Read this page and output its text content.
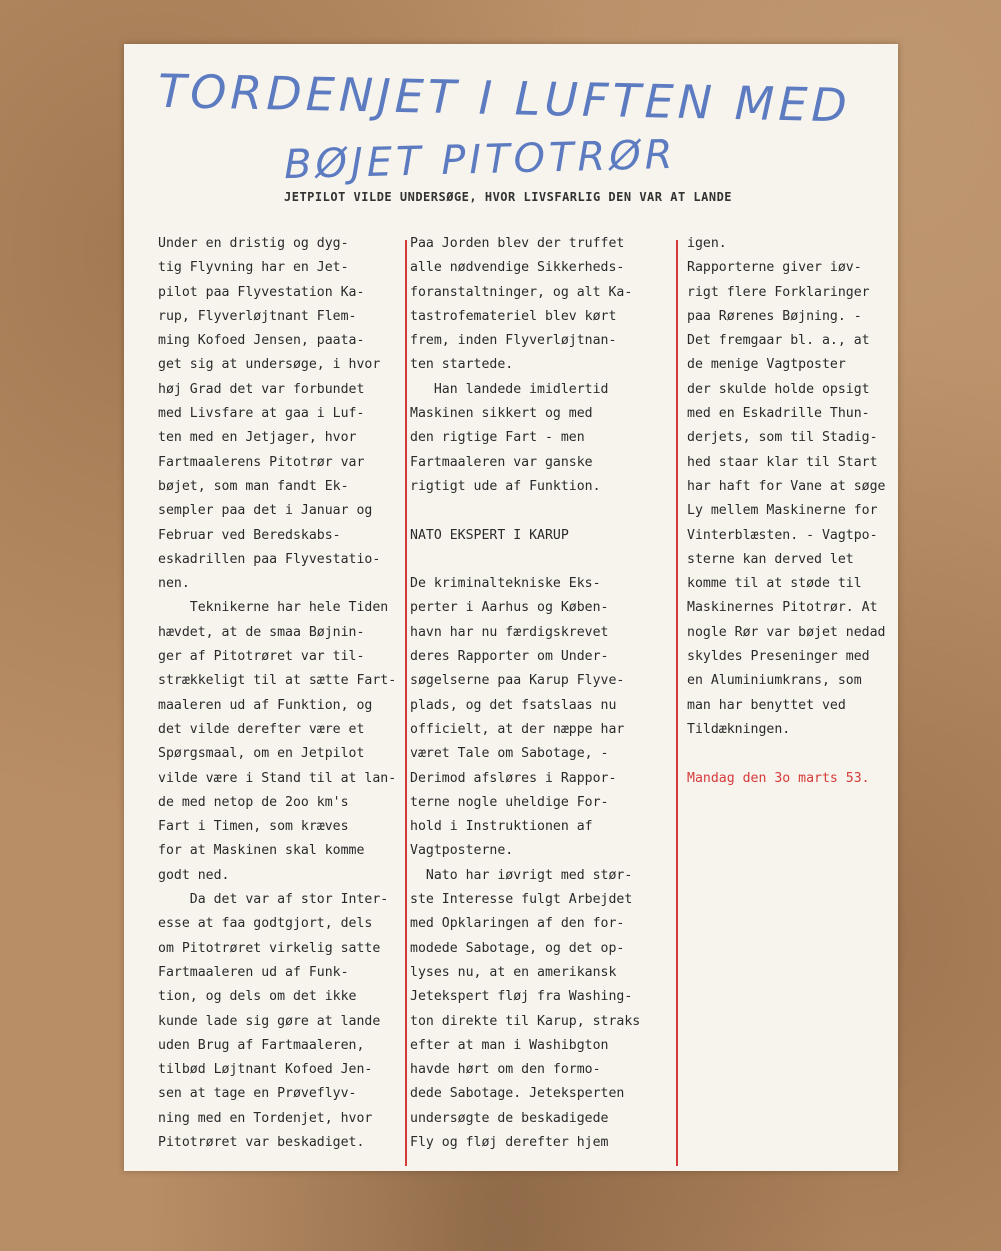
TORDENJET I LUFTEN MED
BØJET PITOTRØR
JETPILOT VILDE UNDERSØGE, HVOR LIVSFARLIG DEN VAR AT LANDE
Under en dristig og dyg-
tig Flyvning har en Jet-
pilot paa Flyvestation Ka-
rup, Flyverløjtnant Flem-
ming Kofoed Jensen, paata-
get sig at undersøge, i hvor
høj Grad det var forbundet
med Livsfare at gaa i Luf-
ten med en Jetjager, hvor
Fartmaalerens Pitotrør var
bøjet, som man fandt Ek-
sempler paa det i Januar og
Februar ved Beredskabs-
eskadrillen paa Flyvestatio-
nen.
Teknikerne har hele Tiden
hævdet, at de smaa Bøjnin-
ger af Pitotrøret var til-
strækkeligt til at sætte Fart-
maaleren ud af Funktion, og
det vilde derefter være et
Spørgsmaal, om en Jetpilot
vilde være i Stand til at lan-
de med netop de 2oo km's
Fart i Timen, som kræves
for at Maskinen skal komme
godt ned.
Da det var af stor Inter-
esse at faa godtgjort, dels
om Pitotrøret virkelig satte
Fartmaaleren ud af Funk-
tion, og dels om det ikke
kunde lade sig gøre at lande
uden Brug af Fartmaaleren,
tilbød Løjtnant Kofoed Jen-
sen at tage en Prøveflyv-
ning med en Tordenjet, hvor
Pitotrøret var beskadiget.
Paa Jorden blev der truffet
alle nødvendige Sikkerheds-
foranstaltninger, og alt Ka-
tastrofemateriel blev kørt
frem, inden Flyverløjtnan-
ten startede.
Han landede imidlertid
Maskinen sikkert og med
den rigtige Fart - men
Fartmaaleren var ganske
rigtigt ude af Funktion.
NATO EKSPERT I KARUP
De kriminaltekniske Eks-
perter i Aarhus og Køben-
havn har nu færdigskrevet
deres Rapporter om Under-
søgelserne paa Karup Flyve-
plads, og det fsatslaas nu
officielt, at der næppe har
været Tale om Sabotage, -
Derimod afsløres i Rappor-
terne nogle uheldige For-
hold i Instruktionen af
Vagtposterne.
Nato har iøvrigt med stør-
ste Interesse fulgt Arbejdet
med Opklaringen af den for-
modede Sabotage, og det op-
lyses nu, at en amerikansk
Jetekspert fløj fra Washing-
ton direkte til Karup, straks
efter at man i Washibgton
havde hørt om den formo-
dede Sabotage. Jeteksperten
undersøgte de beskadigede
Fly og fløj derefter hjem
igen.
Rapporterne giver iøv-
rigt flere Forklaringer
paa Rørenes Bøjning. -
Det fremgaar bl. a., at
de menige Vagtposter
der skulde holde opsigt
med en Eskadrille Thun-
derjets, som til Stadig-
hed staar klar til Start
har haft for Vane at søge
Ly mellem Maskinerne for
Vinterblæsten. - Vagtpo-
sterne kan derved let
komme til at støde til
Maskinernes Pitotrør. At
nogle Rør var bøjet nedad
skyldes Preseninger med
en Aluminiumkrans, som
man har benyttet ved
Tildækningen.
Mandag den 3o marts 53.
